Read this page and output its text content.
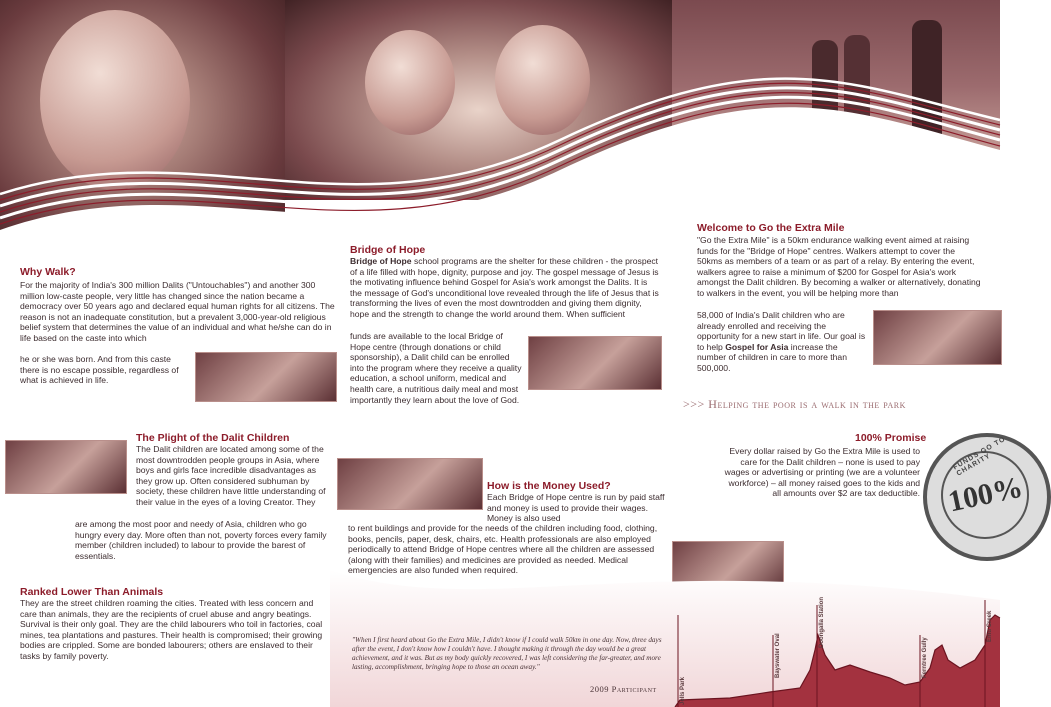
Why Walk?

For the majority of India's 300 million Dalits ("Untouchables") and another 300 million low-caste people, very little has changed since the nation became a democracy over 50 years ago and declared equal human rights for all citizens. The reason is not an inadequate constitution, but a prevalent 3,000-year-old religious belief system that determines the value of an individual and what he/she can do in life based on the caste into which

he or she was born. And from this caste there is no escape possible, regardless of what is achieved in life.

Bridge of Hope

Bridge of Hope school programs are the shelter for these children - the prospect of a life filled with hope, dignity, purpose and joy. The gospel message of Jesus is the motivating influence behind Gospel for Asia's work amongst the Dalits. It is the message of God's unconditional love revealed through the life of Jesus that is transforming the lives of even the most downtrodden and giving them dignity, hope and the strength to change the world around them. When sufficient

funds are available to the local Bridge of Hope centre (through donations or child sponsorship), a Dalit child can be enrolled into the program where they receive a quality education, a school uniform, medical and health care, a nutritious daily meal and most importantly they learn about the love of God.

Welcome to Go the Extra Mile

"Go the Extra Mile" is a 50km endurance walking event aimed at raising funds for the "Bridge of Hope" centres. Walkers attempt to cover the 50kms as members of a team or as part of a relay. By entering the event, walkers agree to raise a minimum of $200 for Gospel for Asia's work amongst the Dalit children. By becoming a walker or alternatively, donating to walkers in the event, you will be helping more than

58,000 of India's Dalit children who are already enrolled and receiving the opportunity for a new start in life. Our goal is to help Gospel for Asia increase the number of children in care to more than 500,000.

>>> Helping the poor is a walk in the park
The Plight of the Dalit Children

The Dalit children are located among some of the most downtrodden people groups in Asia, where boys and girls face incredible disadvantages as they grow up. Often considered subhuman by society, these children have little understanding of their value in the eyes of a loving Creator. They

are among the most poor and needy of Asia, children who go hungry every day. More often than not, poverty forces every family member (children included) to labour to provide the barest of essentials.

How is the Money Used?

Each Bridge of Hope centre is run by paid staff and money is used to provide their wages. Money is also used

to rent buildings and provide for the needs of the children including food, clothing, books, pencils, paper, desk, chairs, etc. Health professionals are also employed periodically to attend Bridge of Hope centres where all the children are assessed (along with their families) and medicines are provided as needed. Medical emergencies are also funded when required.

100% Promise

Every dollar raised by Go the Extra Mile is used to care for the Dalit children – none is used to pay wages or advertising or printing (we are a volunteer workforce) – all money raised goes to the kids and all amounts over $2 are tax deductible. 100%
FUNDS GO TO CHARITY
Ranked Lower Than Animals

They are the street children roaming the cities. Treated with less concern and care than animals, they are the recipients of cruel abuse and angry beatings. Survival is their only goal. They are the child labourers who toil in factories, coal mines, tea plantations and pastures. Their health is compromised; their growing bodies are crippled. Some are bonded labourers; others are enslaved to their tasks by family poverty.

Jells Park
Bayswater Oval
Doongalla Station
Ferntree Gully
Emu Creek
"When I first heard about Go the Extra Mile, I didn't know if I could walk 50km in one day. Now, three days after the event, I don't know how I couldn't have. I thought making it through the day would be a great achievement, and it was. But as my body quickly recovered, I was left considering the far-greater, and more lasting, accomplishment, bringing hope to those an ocean away."
2009 Participant
